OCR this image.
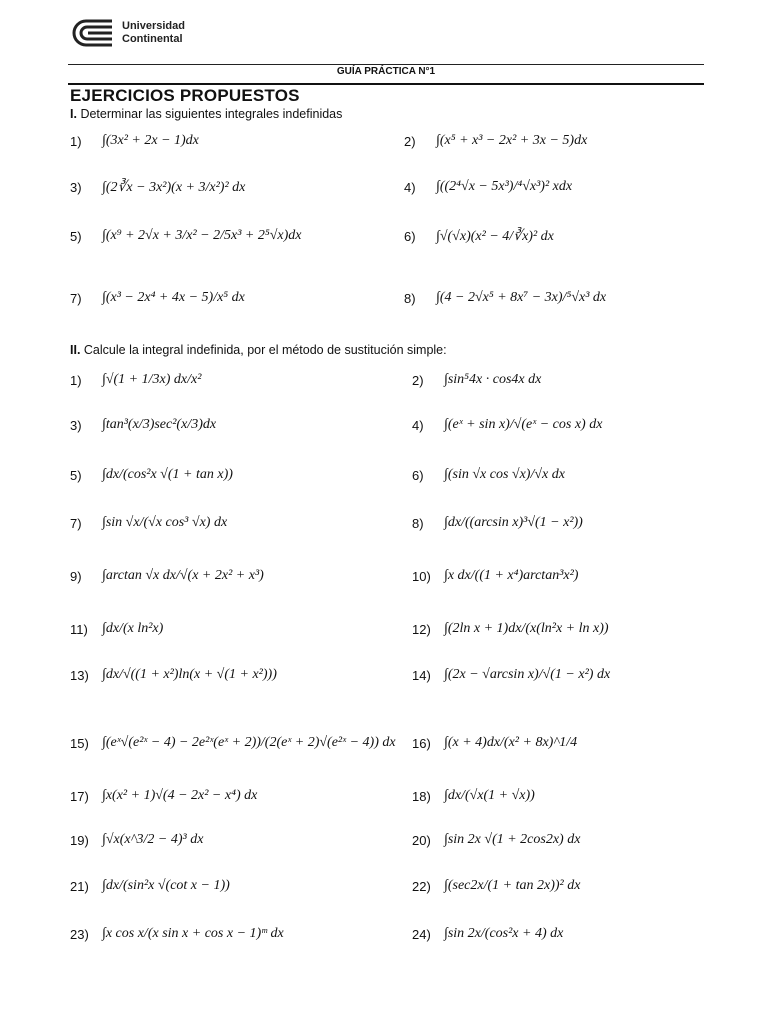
Universidad
Continental
GUÍA PRÁCTICA N°1
EJERCICIOS PROPUESTOS
I. Determinar las siguientes integrales indefinidas
II. Calcule la integral indefinida, por el método de sustitución simple:
1)	∫(3x² + 2x − 1)dx	2)	∫(x⁵ + x³ − 2x² + 3x − 5)dx
3)	∫(2∛x − 3x²)(x + 3/x²)² dx	4)	∫((2⁴√x − 5x³)/⁴√x³)² xdx
5)	∫(x⁹ + 2√x + 3/x² − 2/5x³ + 2⁵√x)dx	6)	∫√(√x)(x² − 4/∛x)² dx
7)	∫(x³ − 2x⁴ + 4x − 5)/x⁵ dx	8)	∫(4 − 2√x⁵ + 8x⁷ − 3x)/⁵√x³ dx
1)	∫√(1 + 1/3x) dx/x²	2)	∫sin⁵4x · cos4x dx
3)	∫tan³(x/3)sec²(x/3)dx	4)	∫(eˣ + sin x)/√(eˣ − cos x) dx
5)	∫dx/(cos²x √(1 + tan x))	6)	∫(sin √x cos √x)/√x dx
7)	∫sin √x/(√x cos³ √x) dx	8)	∫dx/((arcsin x)³√(1 − x²))
9)	∫arctan √x dx/√(x + 2x² + x³)	10) ∫x dx/((1 + x⁴)arctan³x²)
11)	∫dx/(x ln²x)	12) ∫(2ln x + 1)dx/(x(ln²x + ln x))
13) ∫dx/√((1 + x²)ln(x + √(1 + x²)))	14) ∫(2x − √arcsin x)/√(1 − x²) dx
15) ∫(eˣ√(e²ˣ − 4) − 2e²ˣ(eˣ + 2))/(2(eˣ + 2)√(e²ˣ − 4)) dx 16) ∫(x + 4)dx/(x² + 8x)^1/4
17) ∫x(x² + 1)√(4 − 2x² − x⁴) dx	18) ∫dx/(√x(1 + √x))
19) ∫√x(x^3/2 − 4)³ dx	20) ∫sin 2x √(1 + 2cos2x) dx
21) ∫dx/(sin²x √(cot x − 1))	22) ∫(sec2x/(1 + tan 2x))² dx
23) ∫x cos x/(x sin x + cos x − 1)ᵐ dx	24) ∫sin 2x/(cos²x + 4) dx
